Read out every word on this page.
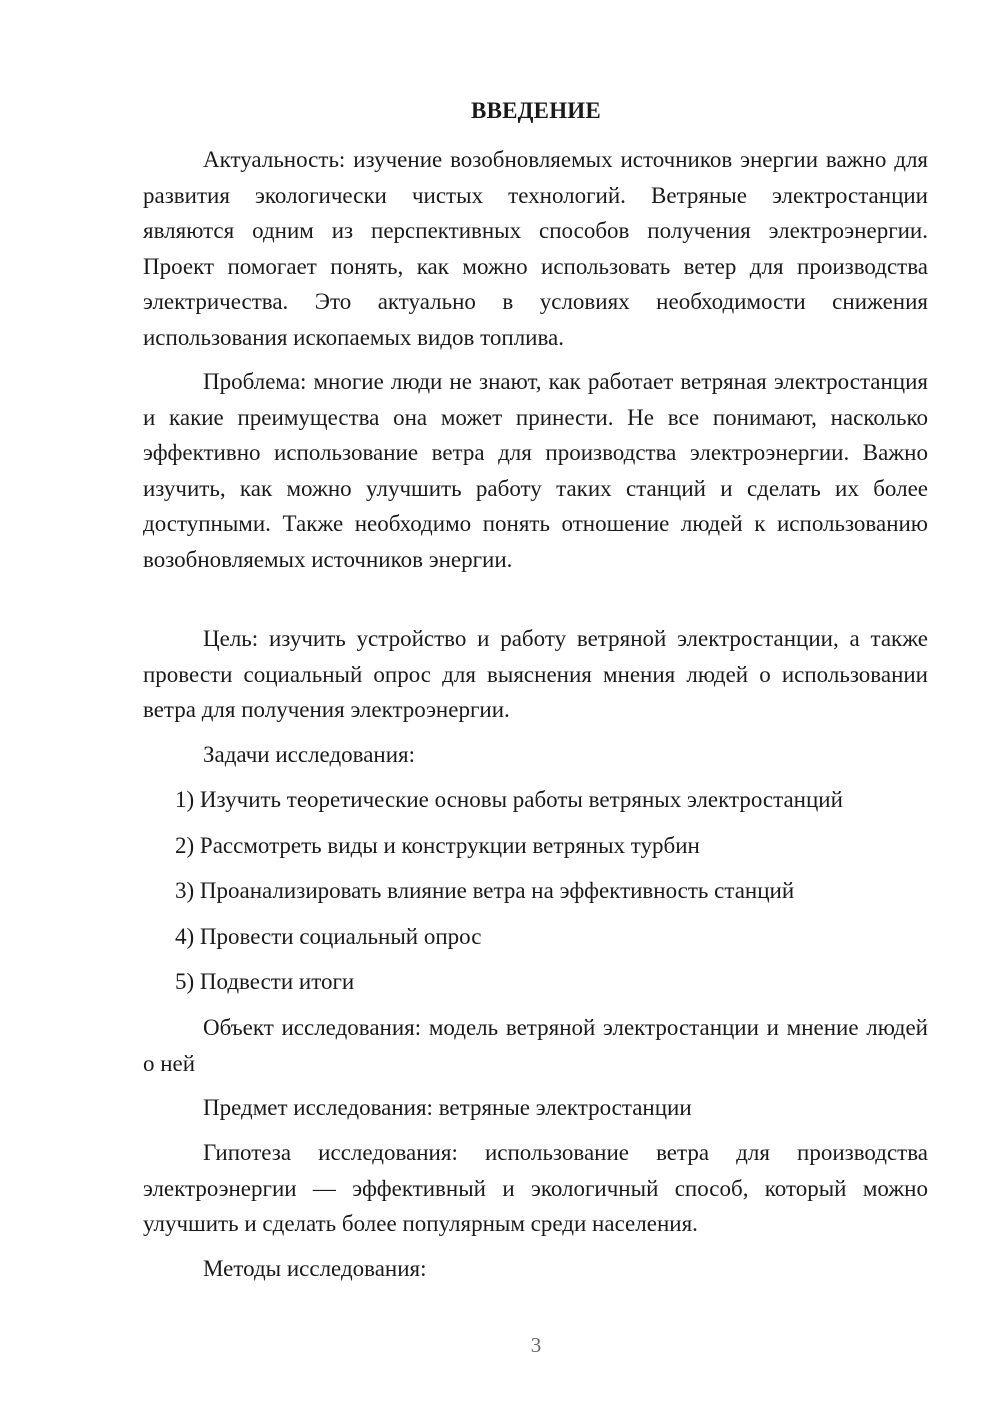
ВВЕДЕНИЕ

Актуальность: изучение возобновляемых источников энергии важно для развития экологически чистых технологий. Ветряные электростанции являются одним из перспективных способов получения электроэнергии. Проект помогает понять, как можно использовать ветер для производства электричества. Это актуально в условиях необходимости снижения использования ископаемых видов топлива.

Проблема: многие люди не знают, как работает ветряная электростанция и какие преимущества она может принести. Не все понимают, насколько эффективно использование ветра для производства электроэнергии. Важно изучить, как можно улучшить работу таких станций и сделать их более доступными. Также необходимо понять отношение людей к использованию возобновляемых источников энергии.

Цель: изучить устройство и работу ветряной электростанции, а также провести социальный опрос для выяснения мнения людей о использовании ветра для получения электроэнергии.

Задачи исследования:

1) Изучить теоретические основы работы ветряных электростанций

2) Рассмотреть виды и конструкции ветряных турбин

3) Проанализировать влияние ветра на эффективность станций

4) Провести социальный опрос

5) Подвести итоги

Объект исследования: модель ветряной электростанции и мнение людей о ней

Предмет исследования: ветряные электростанции

Гипотеза исследования: использование ветра для производства электроэнергии — эффективный и экологичный способ, который можно улучшить и сделать более популярным среди населения.

Методы исследования:

3
